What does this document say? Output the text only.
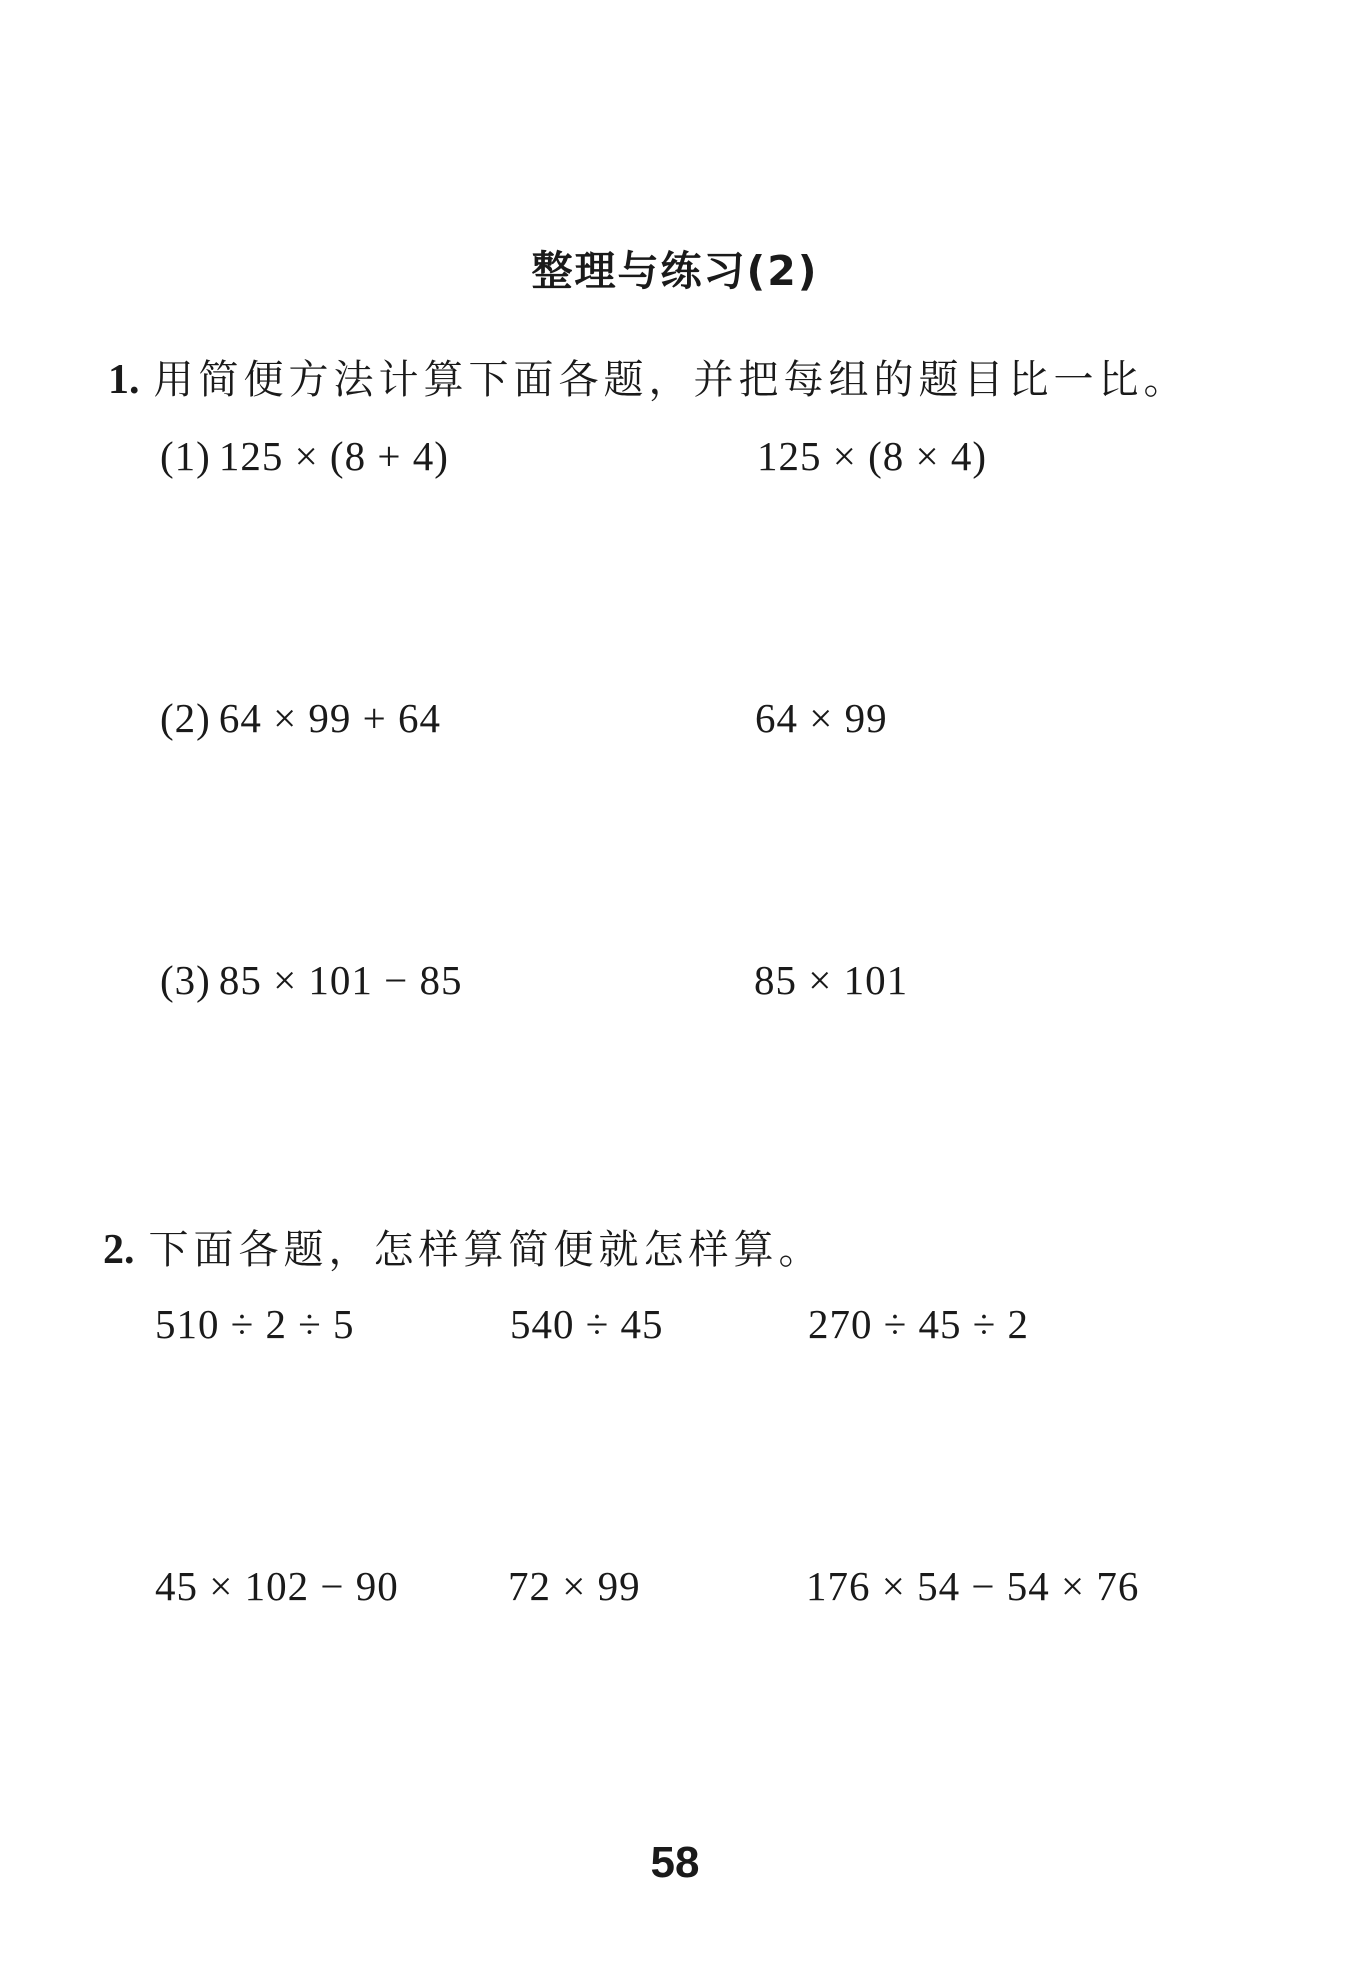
整理与练习(2)
1. 用简便方法计算下面各题，并把每组的题目比一比。
(1) 125 × (8 + 4)	125 × (8 × 4)
(2) 64 × 99 + 64	64 × 99
(3) 85 × 101 − 85	85 × 101
2. 下面各题，怎样算简便就怎样算。
510 ÷ 2 ÷ 5	540 ÷ 45	270 ÷ 45 ÷ 2
45 × 102 − 90	72 × 99	176 × 54 − 54 × 76
58
